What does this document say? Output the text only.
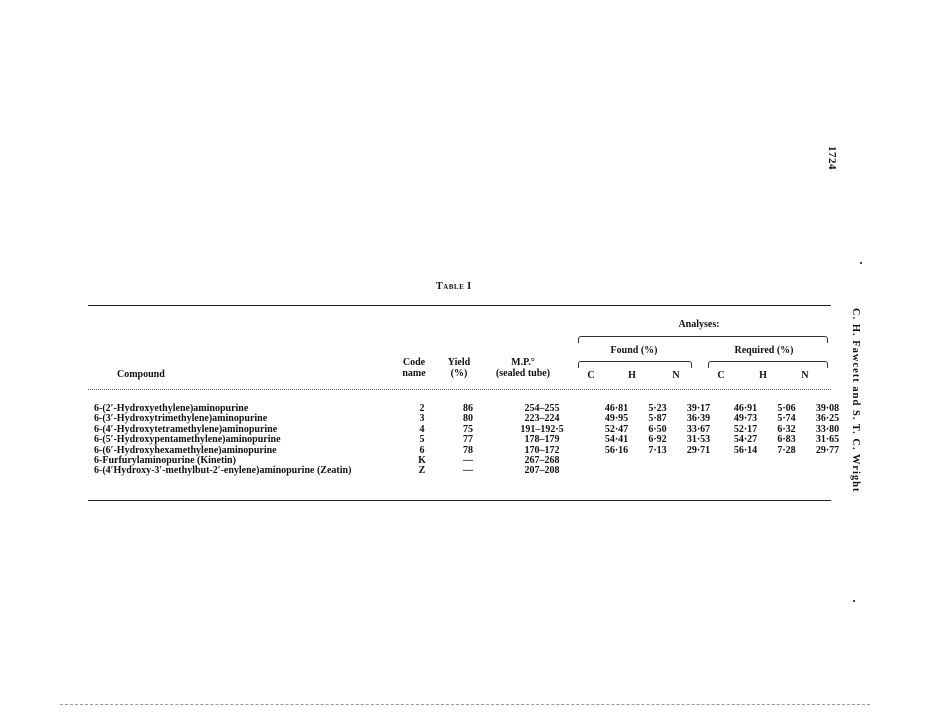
1724
C. H. Fawcett and S. T. C. Wright
Table I
Analyses:
Found (%)	Required (%)
Compound
Code
name
Yield
(%)
M.P.°
(sealed tube)	C	H	N	C	H	N
6-(2′-Hydroxyethylene)aminopurine	2		86		254–255		46·81	5·23	39·17		46·91	5·06	39·08
6-(3′-Hydroxytrimethylene)aminopurine	3		80		223–224		49·95	5·87	36·39		49·73	5·74	36·25
6-(4′-Hydroxytetramethylene)aminopurine	4		75		191–192·5		52·47	6·50	33·67		52·17	6·32	33·80
6-(5′-Hydroxypentamethylene)aminopurine	5		77		178–179		54·41	6·92	31·53		54·27	6·83	31·65
6-(6′-Hydroxyhexamethylene)aminopurine	6		78		170–172		56·16	7·13	29·71		56·14	7·28	29·77
6-Furfurylaminopurine (Kinetin)	K		—		267–268								
6-(4′Hydroxy-3′-methylbut-2′-enylene)aminopurine (Zeatin)	Z		—		207–208								
